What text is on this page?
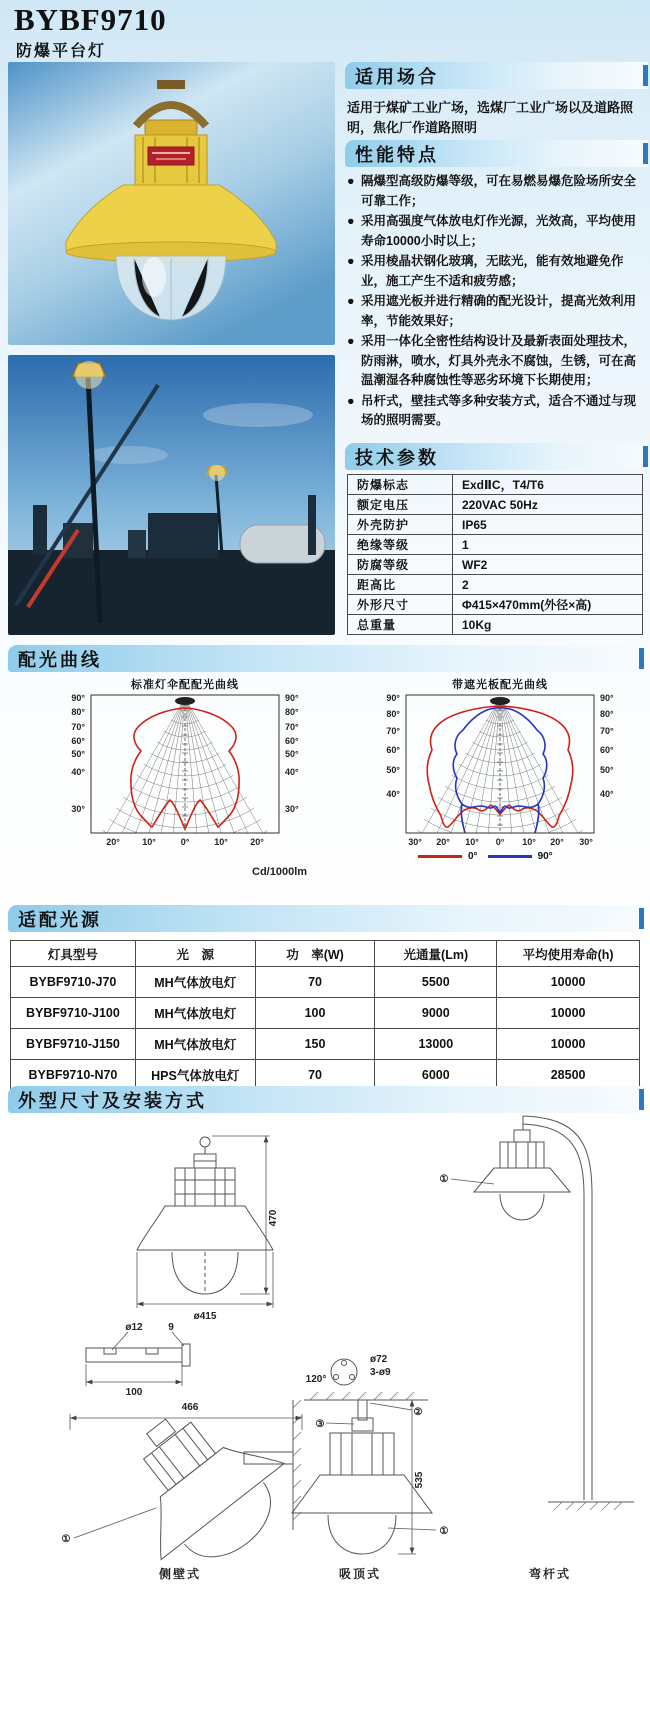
BYBF9710
防爆平台灯
适用场合

适用于煤矿工业广场，选煤厂工业广场以及道路照明，焦化厂作道路照明

性能特点
● 隔爆型高级防爆等级，可在易燃易爆危险场所安全可靠工作；
● 采用高强度气体放电灯作光源，光效高，平均使用寿命10000小时以上；
● 采用棱晶状钢化玻璃，无眩光，能有效地避免作业，施工产生不适和疲劳感；
● 采用遮光板并进行精确的配光设计，提高光效利用率，节能效果好；
● 采用一体化全密性结构设计及最新表面处理技术，防雨淋，喷水，灯具外壳永不腐蚀，生锈，可在高温潮湿各种腐蚀性等恶劣环境下长期使用；
● 吊杆式，壁挂式等多种安装方式，适合不通过与现场的照明需要。
技术参数
防爆标志	ExdⅡC，T4/T6
额定电压	220VAC 50Hz
外壳防护	IP65
绝缘等级	1
防腐等级	WF2
距高比	2
外形尺寸	Φ415×470mm(外径×高)
总重量	10Kg
配光曲线
标准灯伞配配光曲线
90°	90°
80°	80°
70°	70°
60°	60°
50°	50°
40°	40°
30°	30°
20° 10°	0°	10° 20°
带遮光板配光曲线
90°	90°
80°	80°
70°	70°
60°	60°
50°	50°
40°	40°
30° 20° 10° 0° 10° 20° 30°
0°	90°
Cd/1000lm
适配光源
灯具型号	光　源	功　率(W)	光通量(Lm)	平均使用寿命(h)
BYBF9710-J70	MH气体放电灯	70	5500	10000
BYBF9710-J100	MH气体放电灯	100	9000	10000
BYBF9710-J150	MH气体放电灯	150	13000	10000
BYBF9710-N70	HPS气体放电灯	70	6000	28500
外型尺寸及安装方式
470
ø415
ø12	9
100
①
466
侧壁式
120°
ø72
3-ø9
③
②
①
535
吸顶式
①
弯杆式
